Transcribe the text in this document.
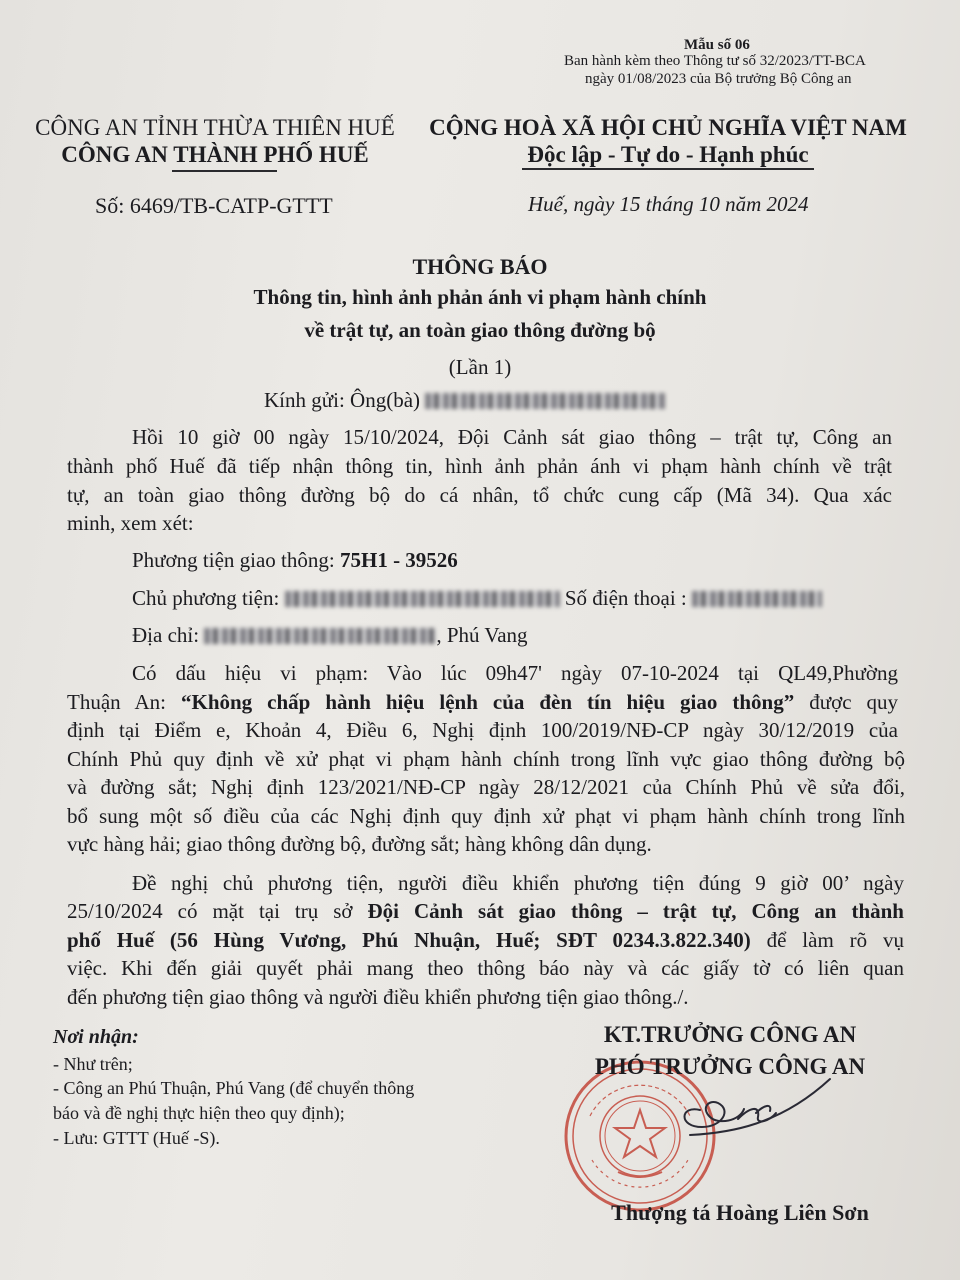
Mẫu số 06
Ban hành kèm theo Thông tư số 32/2023/TT-BCA
ngày 01/08/2023 của Bộ trưởng Bộ Công an
CÔNG AN TỈNH THỪA THIÊN HUẾ
CÔNG AN THÀNH PHỐ HUẾ
Số: 6469/TB-CATP-GTTT
CỘNG HOÀ XÃ HỘI CHỦ NGHĨA VIỆT NAM
Độc lập - Tự do - Hạnh phúc
Huế, ngày 15 tháng 10 năm 2024
THÔNG BÁO
Thông tin, hình ảnh phản ánh vi phạm hành chính
về trật tự, an toàn giao thông đường bộ
(Lần 1)
Kính gửi: Ông(bà)
Hồi 10 giờ 00 ngày 15/10/2024, Đội Cảnh sát giao thông – trật tự, Công an
thành phố Huế đã tiếp nhận thông tin, hình ảnh phản ánh vi phạm hành chính về trật
tự, an toàn giao thông đường bộ do cá nhân, tổ chức cung cấp (Mã 34). Qua xác
minh, xem xét:
Phương tiện giao thông: 75H1 - 39526
Chủ phương tiện:	Số điện thoại :
Địa chỉ:	, Phú Vang
Có dấu hiệu vi phạm: Vào lúc 09h47' ngày 07-10-2024 tại QL49,Phường
Thuận An: “Không chấp hành hiệu lệnh của đèn tín hiệu giao thông” được quy
định tại Điểm e, Khoản 4, Điều 6, Nghị định 100/2019/NĐ-CP ngày 30/12/2019 của
Chính Phủ quy định về xử phạt vi phạm hành chính trong lĩnh vực giao thông đường bộ
và đường sắt; Nghị định 123/2021/NĐ-CP ngày 28/12/2021 của Chính Phủ về sửa đổi,
bổ sung một số điều của các Nghị định quy định xử phạt vi phạm hành chính trong lĩnh
vực hàng hải; giao thông đường bộ, đường sắt; hàng không dân dụng.
Đề nghị chủ phương tiện, người điều khiển phương tiện đúng 9 giờ 00’ ngày
25/10/2024 có mặt tại trụ sở Đội Cảnh sát giao thông – trật tự, Công an thành
phố Huế (56 Hùng Vương, Phú Nhuận, Huế; SĐT 0234.3.822.340) để làm rõ vụ
việc. Khi đến giải quyết phải mang theo thông báo này và các giấy tờ có liên quan
đến phương tiện giao thông và người điều khiển phương tiện giao thông./.
Nơi nhận:
- Như trên;
- Công an Phú Thuận, Phú Vang (để chuyển thông
báo và đề nghị thực hiện theo quy định);
- Lưu: GTTT (Huế -S).
KT.TRƯỞNG CÔNG AN
PHÓ TRƯỞNG CÔNG AN
Thượng tá Hoàng Liên Sơn
